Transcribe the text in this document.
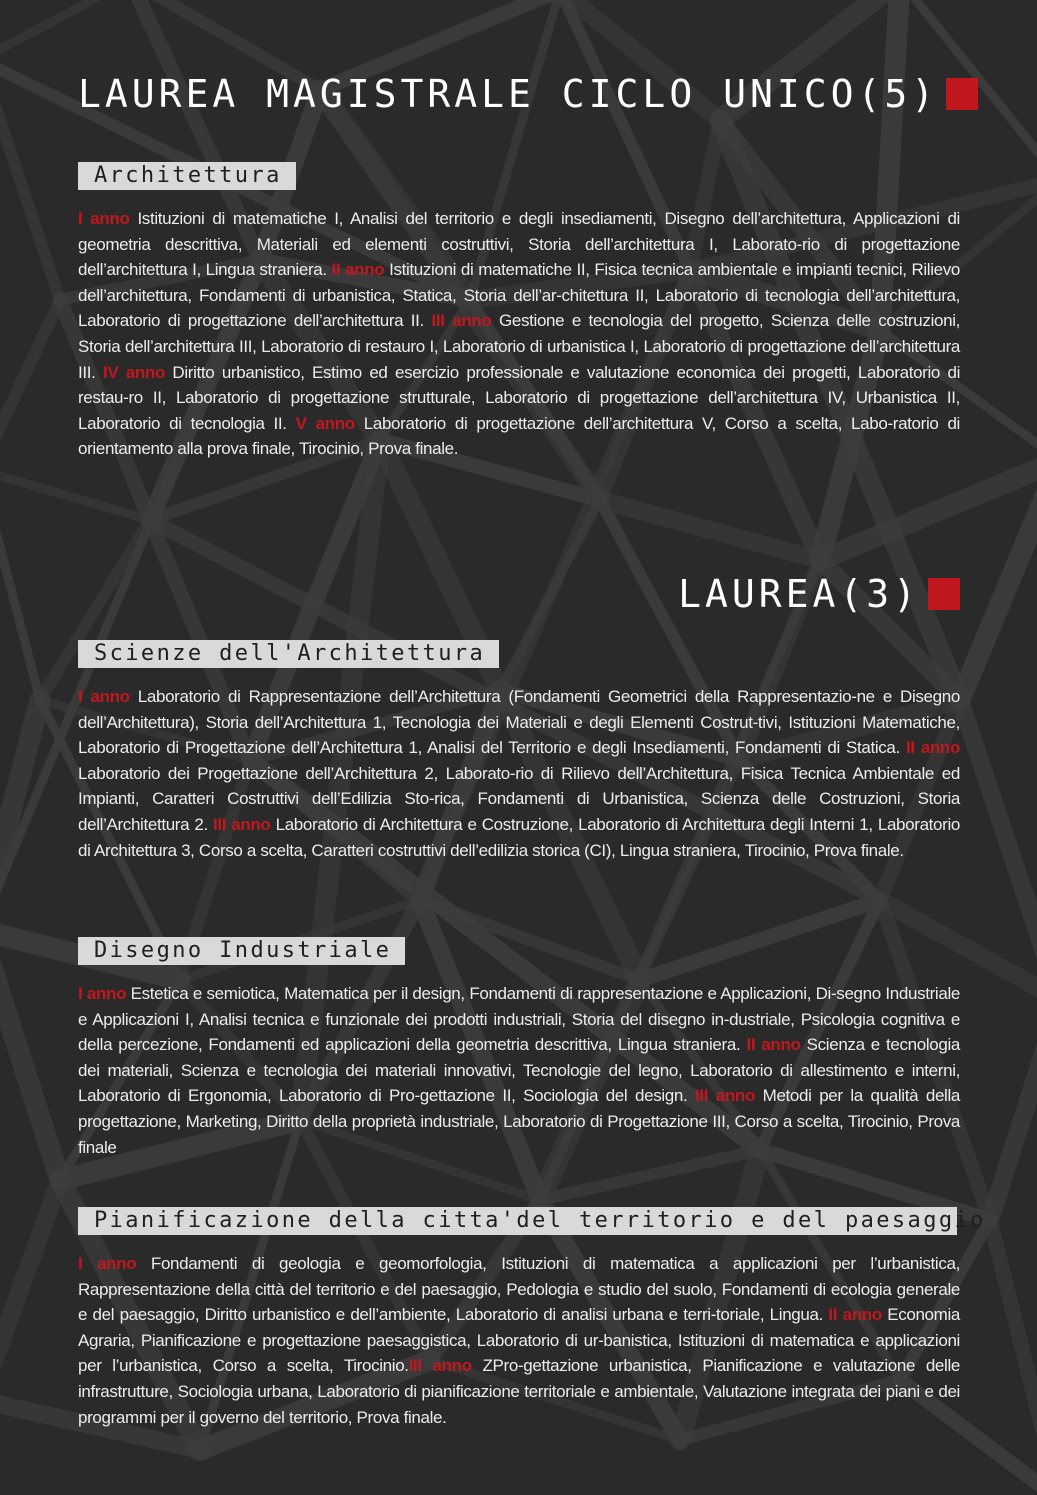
LAUREA MAGISTRALE CICLO UNICO(5)
Architettura

I anno Istituzioni di matematiche I, Analisi del territorio e degli insediamenti, Disegno dell’architettura, Applicazioni di geometria descrittiva, Materiali ed elementi costruttivi, Storia dell’architettura I, Laborato-rio di progettazione dell’architettura I, Lingua straniera. II anno Istituzioni di matematiche II, Fisica tecnica ambientale e impianti tecnici, Rilievo dell’architettura, Fondamenti di urbanistica, Statica, Storia dell’ar-chitettura II, Laboratorio di tecnologia dell’architettura, Laboratorio di progettazione dell’architettura II. III anno Gestione e tecnologia del progetto, Scienza delle costruzioni, Storia dell’architettura III, Laboratorio di restauro I, Laboratorio di urbanistica I, Laboratorio di progettazione dell’architettura III. IV anno Diritto urbanistico, Estimo ed esercizio professionale e valutazione economica dei progetti, Laboratorio di restau-ro II, Laboratorio di progettazione strutturale, Laboratorio di progettazione dell’architettura IV, Urbanistica II, Laboratorio di tecnologia II. V anno Laboratorio di progettazione dell’architettura V, Corso a scelta, Labo-ratorio di orientamento alla prova finale, Tirocinio, Prova finale.

LAUREA(3)
Scienze dell'Architettura

I anno Laboratorio di Rappresentazione dell’Architettura (Fondamenti Geometrici della Rappresentazio-ne e Disegno dell’Architettura), Storia dell’Architettura 1, Tecnologia dei Materiali e degli Elementi Costrut-tivi, Istituzioni Matematiche, Laboratorio di Progettazione dell’Architettura 1, Analisi del Territorio e degli Insediamenti, Fondamenti di Statica. II anno Laboratorio dei Progettazione dell’Architettura 2, Laborato-rio di Rilievo dell’Architettura, Fisica Tecnica Ambientale ed Impianti, Caratteri Costruttivi dell’Edilizia Sto-rica, Fondamenti di Urbanistica, Scienza delle Costruzioni, Storia dell’Architettura 2. III anno Laboratorio di Architettura e Costruzione, Laboratorio di Architettura degli Interni 1, Laboratorio di Architettura 3, Corso a scelta, Caratteri costruttivi dell’edilizia storica (CI), Lingua straniera, Tirocinio, Prova finale.

Disegno Industriale

I anno Estetica e semiotica, Matematica per il design, Fondamenti di rappresentazione e Applicazioni, Di-segno Industriale e Applicazioni I, Analisi tecnica e funzionale dei prodotti industriali, Storia del disegno in-dustriale, Psicologia cognitiva e della percezione, Fondamenti ed applicazioni della geometria descrittiva, Lingua straniera. II anno Scienza e tecnologia dei materiali, Scienza e tecnologia dei materiali innovativi, Tecnologie del legno, Laboratorio di allestimento e interni, Laboratorio di Ergonomia, Laboratorio di Pro-gettazione II, Sociologia del design. III anno Metodi per la qualità della progettazione, Marketing, Diritto della proprietà industriale, Laboratorio di Progettazione III, Corso a scelta, Tirocinio, Prova finale

Pianificazione della citta'del territorio e del paesaggio

I anno Fondamenti di geologia e geomorfologia, Istituzioni di matematica a applicazioni per l’urbanistica, Rappresentazione della città del territorio e del paesaggio, Pedologia e studio del suolo, Fondamenti di ecologia generale e del paesaggio, Diritto urbanistico e dell’ambiente, Laboratorio di analisi urbana e terri-toriale, Lingua. II anno Economia Agraria, Pianificazione e progettazione paesaggistica, Laboratorio di ur-banistica, Istituzioni di matematica e applicazioni per l’urbanistica, Corso a scelta, Tirocinio.III anno ZPro-gettazione urbanistica, Pianificazione e valutazione delle infrastrutture, Sociologia urbana, Laboratorio di pianificazione territoriale e ambientale, Valutazione integrata dei piani e dei programmi per il governo del territorio, Prova finale.
